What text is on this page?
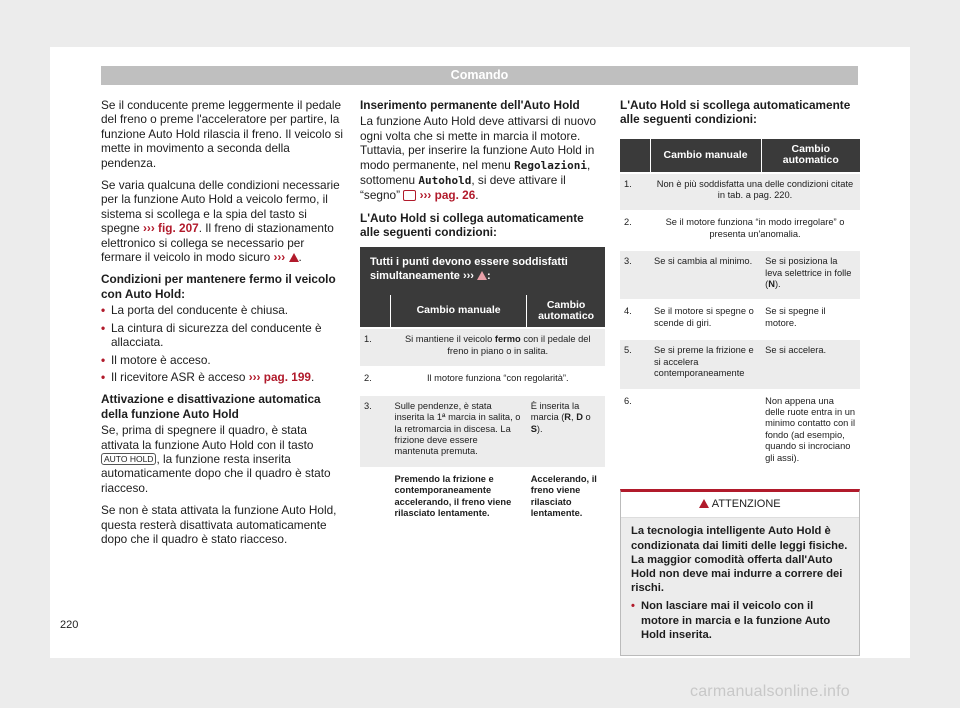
Comando

Se il conducente preme leggermente il pedale del freno o preme l'acceleratore per partire, la funzione Auto Hold rilascia il freno. Il veicolo si mette in movimento a seconda della pendenza.

Se varia qualcuna delle condizioni necessarie per la funzione Auto Hold a veicolo fermo, il sistema si scollega e la spia del tasto si spegne ››› fig. 207. Il freno di stazionamento elettronico si collega se necessario per fermare il veicolo in modo sicuro ››› .

Condizioni per mantenere fermo il veicolo con Auto Hold:
• La porta del conducente è chiusa.
• La cintura di sicurezza del conducente è allacciata.
• Il motore è acceso.
• Il ricevitore ASR è acceso ››› pag. 199.
Attivazione e disattivazione automatica della funzione Auto Hold

Se, prima di spegnere il quadro, è stata attivata la funzione Auto Hold con il tasto AUTO HOLD , la funzione resta inserita automaticamente dopo che il quadro è stato riacceso.

Se non è stata attivata la funzione Auto Hold, questa resterà disattivata automaticamente dopo che il quadro è stato riacceso.

Inserimento permanente dell'Auto Hold

La funzione Auto Hold deve attivarsi di nuovo ogni volta che si mette in marcia il motore. Tuttavia, per inserire la funzione Auto Hold in modo permanente, nel menu Regolazioni, sottomenu Autohold, si deve attivare il “segno” ››› pag. 26.

L'Auto Hold si collega automaticamente alle seguenti condizioni:
Tutti i punti devono essere soddisfatti simultaneamente ››› :
	Cambio manuale	Cambio automatico
1.	Si mantiene il veicolo fermo con il pedale del freno in piano o in salita.	
2.	Il motore funziona “con regolarità”.	
3.	Sulle pendenze, è stata inserita la 1ª marcia in salita, o la retromarcia in discesa. La frizione deve essere mantenuta premuta.	È inserita la marcia (R, D o S).
	Premendo la frizione e contemporaneamente accelerando, il freno viene rilasciato lentamente.	Accelerando, il freno viene rilasciato lentamente.
L'Auto Hold si scollega automaticamente alle seguenti condizioni:
	Cambio manuale	Cambio automatico
1.	Non è più soddisfatta una delle condizioni citate in tab. a pag. 220.	
2.	Se il motore funziona “in modo irregolare” o presenta un'anomalia.	
3.	Se si cambia al minimo.	Se si posiziona la leva selettrice in folle (N).
4.	Se il motore si spegne o scende di giri.	Se si spegne il motore.
5.	Se si preme la frizione e si accelera contemporaneamente	Se si accelera.
6.		Non appena una delle ruote entra in un minimo contatto con il fondo (ad esempio, quando si incrociano gli assi).
ATTENZIONE

La tecnologia intelligente Auto Hold è condizionata dai limiti delle leggi fisiche. La maggior comodità offerta dall'Auto Hold non deve mai indurre a correre dei rischi.

• Non lasciare mai il veicolo con il motore in marcia e la funzione Auto Hold inserita.
220
carmanualsonline.info
